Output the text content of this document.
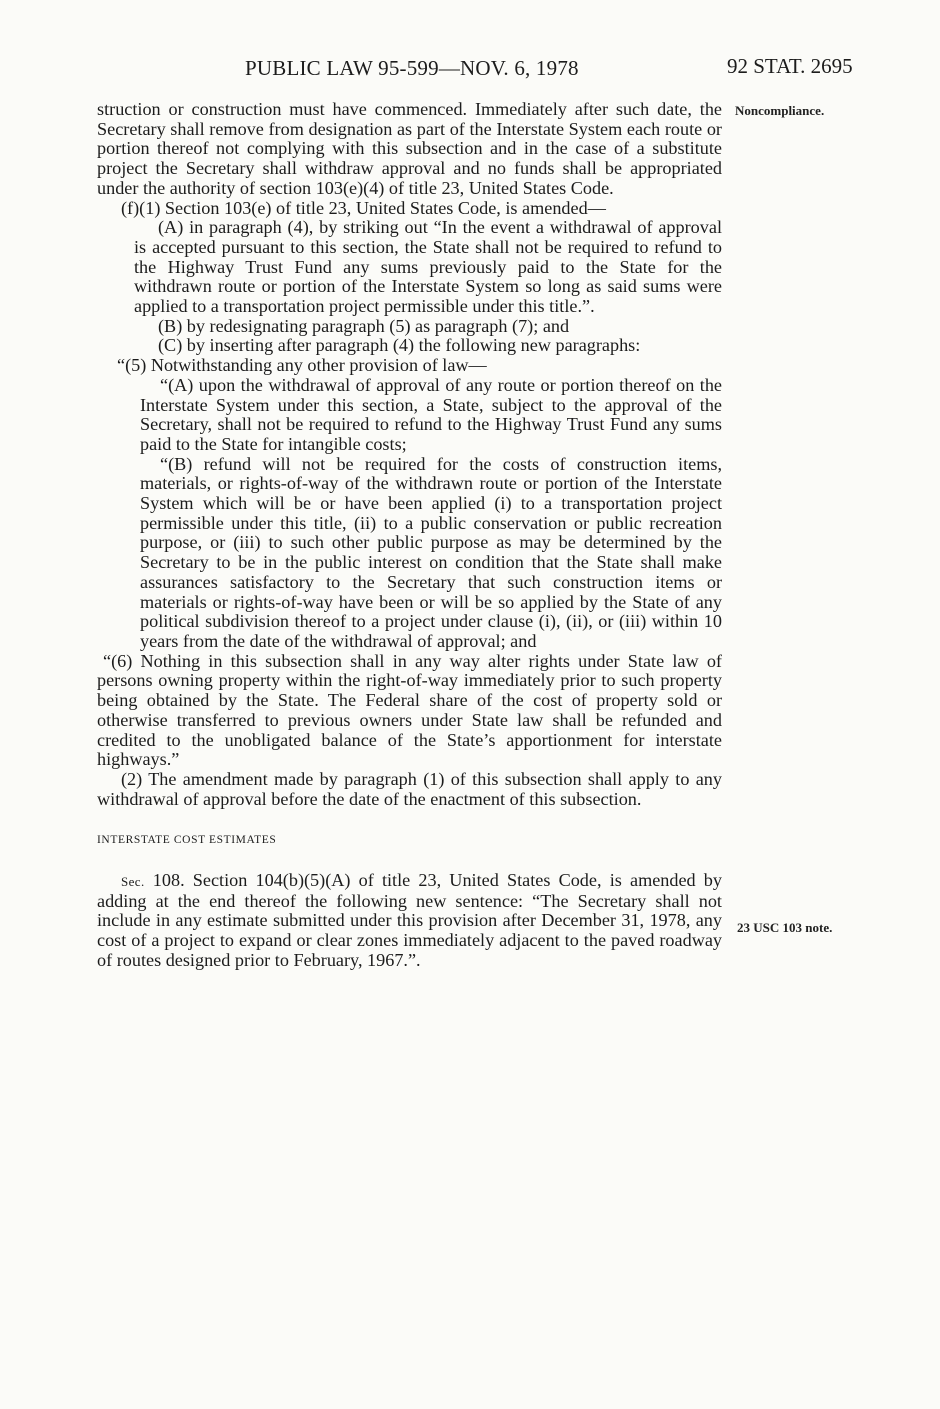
PUBLIC LAW 95-599—NOV. 6, 1978	92 STAT. 2695
Noncompliance.
23 USC 103 note.

struction or construction must have commenced. Immediately after such date, the Secretary shall remove from designation as part of the Interstate System each route or portion thereof not complying with this subsection and in the case of a substitute project the Secretary shall withdraw approval and no funds shall be appropriated under the authority of section 103(e)(4) of title 23, United States Code.

(f)(1) Section 103(e) of title 23, United States Code, is amended—

(A) in paragraph (4), by striking out “In the event a withdrawal of approval is accepted pursuant to this section, the State shall not be required to refund to the Highway Trust Fund any sums previously paid to the State for the withdrawn route or portion of the Interstate System so long as said sums were applied to a transportation project permissible under this title.”.

(B) by redesignating paragraph (5) as paragraph (7); and

(C) by inserting after paragraph (4) the following new paragraphs:

“(5) Notwithstanding any other provision of law—

“(A) upon the withdrawal of approval of any route or portion thereof on the Interstate System under this section, a State, subject to the approval of the Secretary, shall not be required to refund to the Highway Trust Fund any sums paid to the State for intangible costs;

“(B) refund will not be required for the costs of construction items, materials, or rights-of-way of the withdrawn route or portion of the Interstate System which will be or have been applied (i) to a transportation project permissible under this title, (ii) to a public conservation or public recreation purpose, or (iii) to such other public purpose as may be determined by the Secretary to be in the public interest on condition that the State shall make assurances satisfactory to the Secretary that such construction items or materials or rights-of-way have been or will be so applied by the State of any political subdivision thereof to a project under clause (i), (ii), or (iii) within 10 years from the date of the withdrawal of approval; and

“(6) Nothing in this subsection shall in any way alter rights under State law of persons owning property within the right-of-way immediately prior to such property being obtained by the State. The Federal share of the cost of property sold or otherwise transferred to previous owners under State law shall be refunded and credited to the unobligated balance of the State’s apportionment for interstate highways.”

(2) The amendment made by paragraph (1) of this subsection shall apply to any withdrawal of approval before the date of the enactment of this subsection.

INTERSTATE COST ESTIMATES

Sec. 108. Section 104(b)(5)(A) of title 23, United States Code, is amended by adding at the end thereof the following new sentence: “The Secretary shall not include in any estimate submitted under this provision after December 31, 1978, any cost of a project to expand or clear zones immediately adjacent to the paved roadway of routes designed prior to February, 1967.”.
